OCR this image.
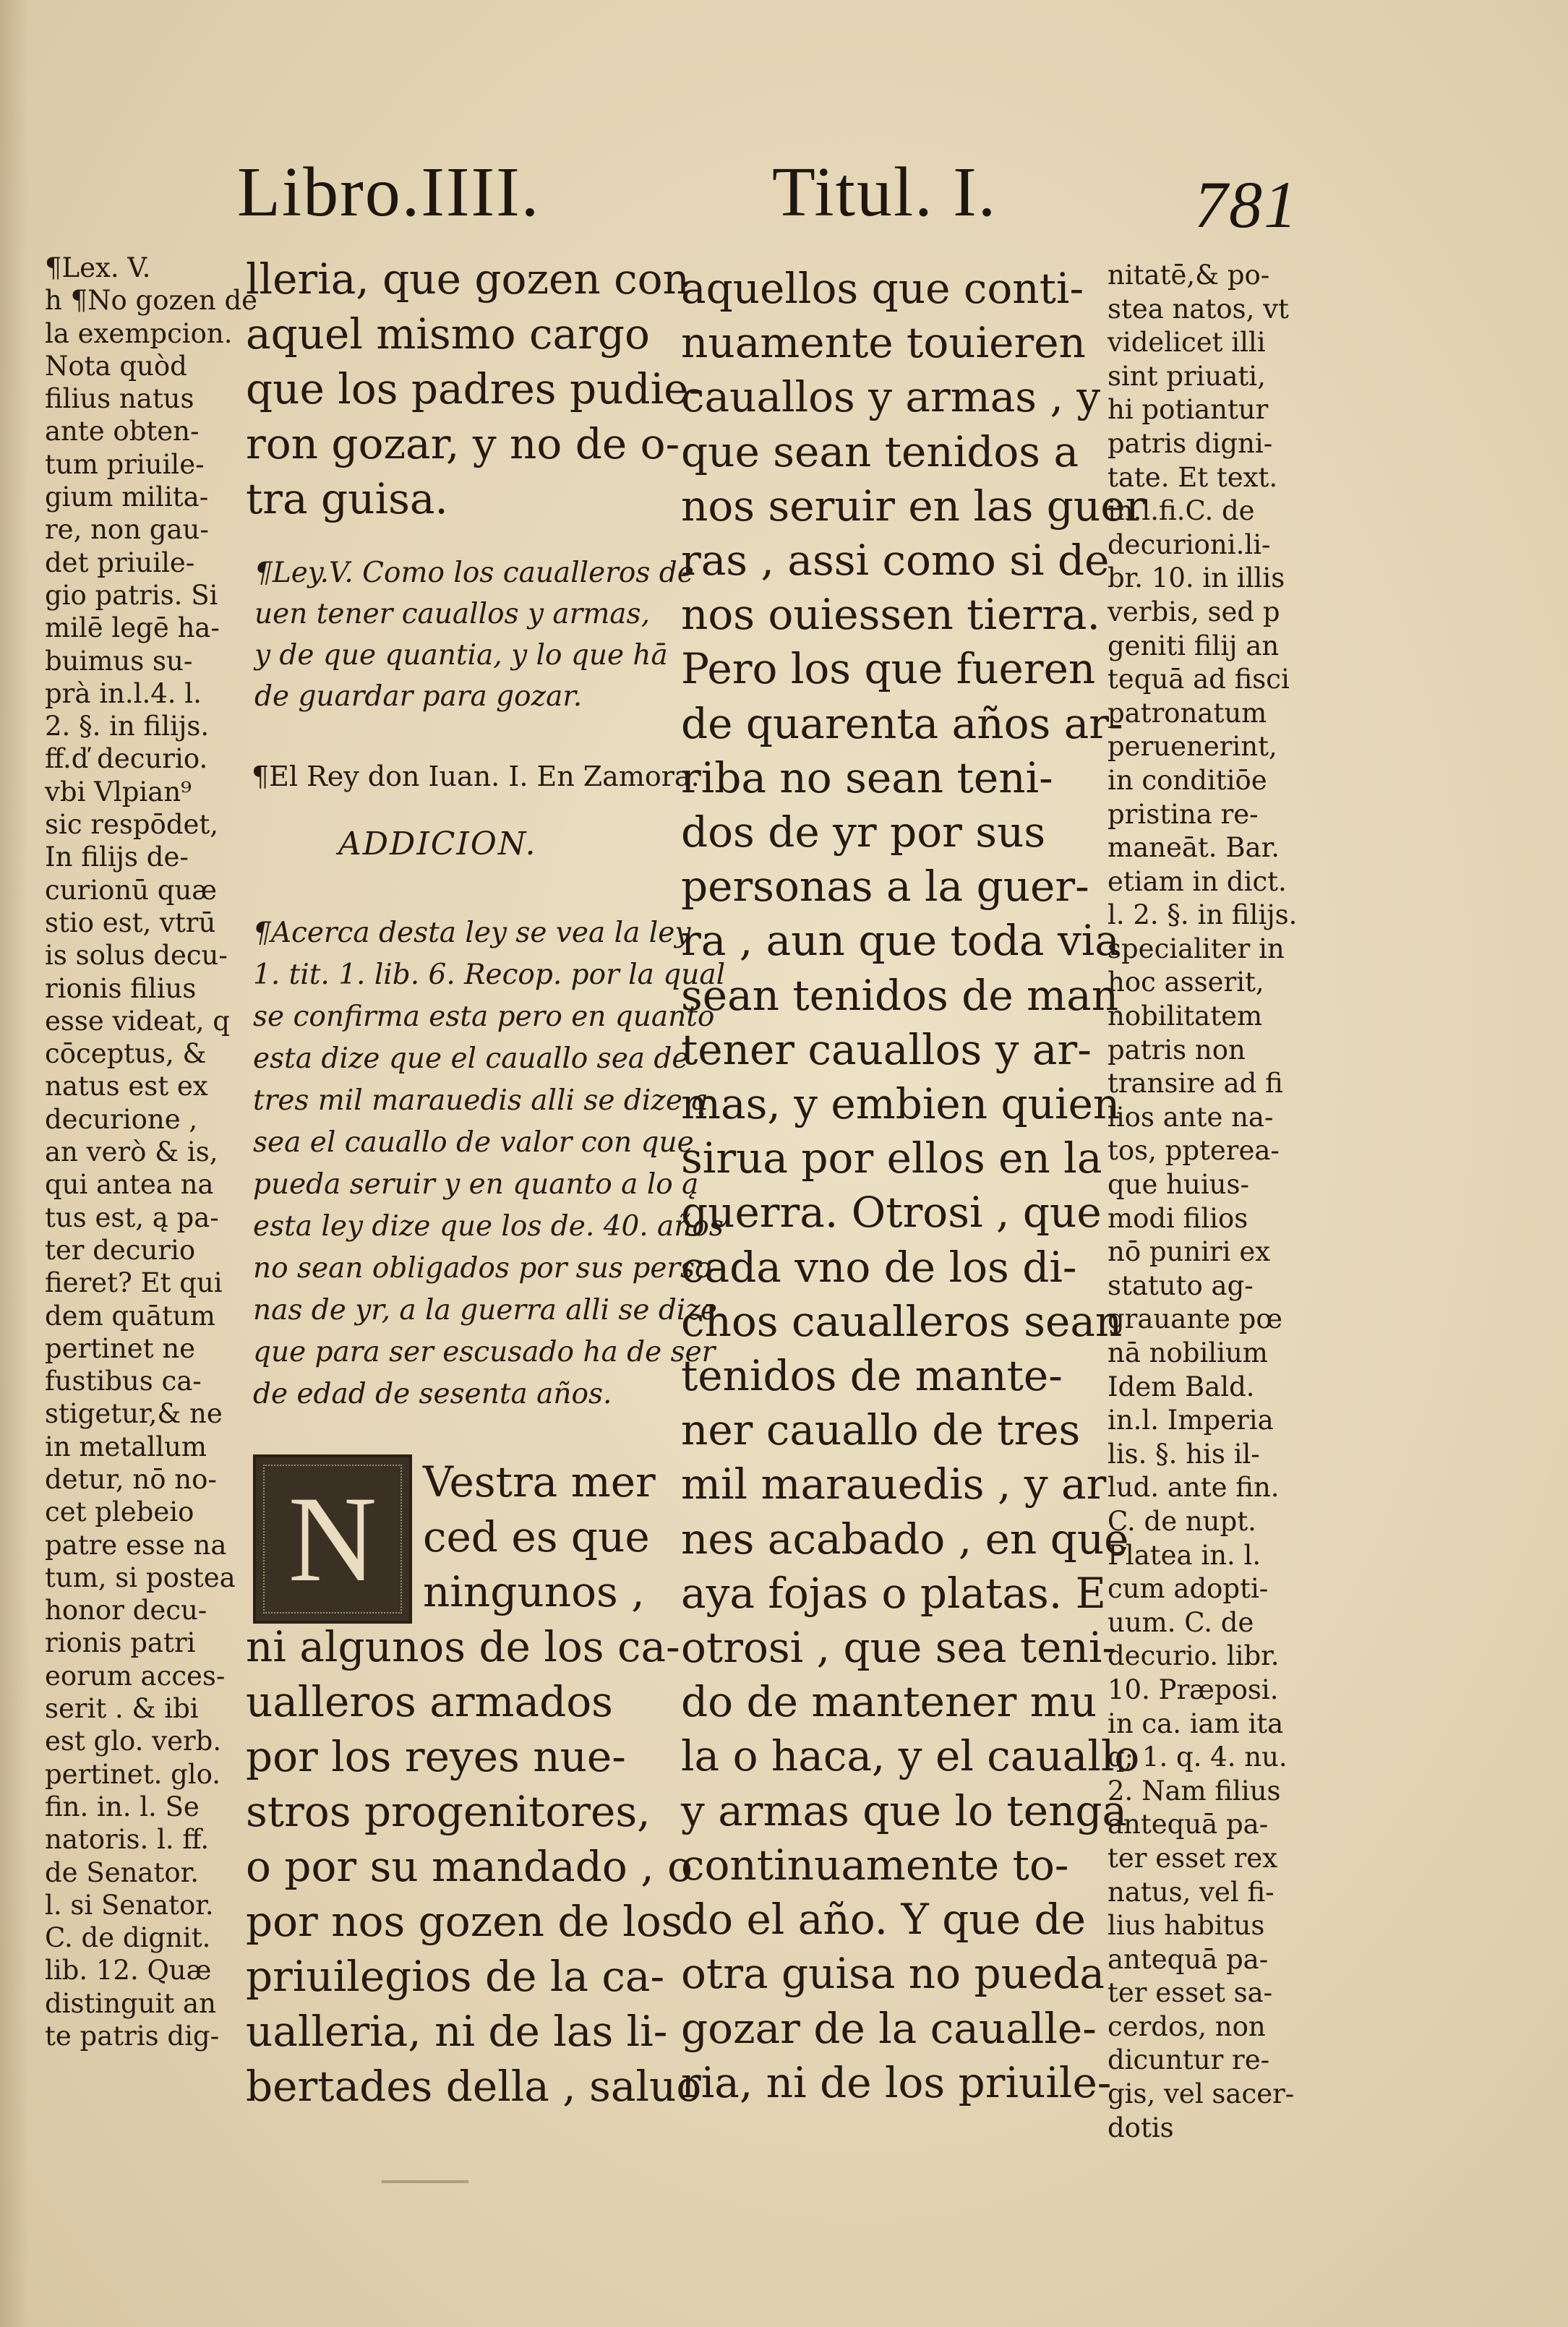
Libro.IIII.	Titul. I.	781
¶Lex. V.
h ¶No gozen de
la exempcion.
Nota quòd
filius natus
ante obten-
tum priuile-
gium milita-
re, non gau-
det priuile-
gio patris. Si
milē legē ha-
buimus su-
prà in.l.4. l.
2. §. in filijs.
ff.ď decurio.
vbi Vlpian⁹
sic respōdet,
In filijs de-
curionū quæ
stio est, vtrū
is solus decu-
rionis filius
esse videat, q
cōceptus, &
natus est ex
decurione ,
an verò & is,
qui antea na
tus est, ą pa-
ter decurio
fieret? Et qui
dem quātum
pertinet ne
fustibus ca-
stigetur,& ne
in metallum
detur, nō no-
cet plebeio
patre esse na
tum, si postea
honor decu-
rionis patri
eorum acces-
serit . & ibi
est glo. verb.
pertinet. glo.
fin. in. l. Se
natoris. l. ff.
de Senator.
l. si Senator.
C. de dignit.
lib. 12. Quæ
distinguit an
te patris dig-
lleria, que gozen con
aquel mismo cargo
que los padres pudie-
ron gozar, y no de o-
tra guisa.
¶Ley.V. Como los caualleros de
uen tener cauallos y armas,
y de que quantia, y lo que hā
de guardar para gozar.
¶El Rey don Iuan. I. En Zamora.
ADDICION.
¶Acerca desta ley se vea la ley
1. tit. 1. lib. 6. Recop. por la qual
se confirma esta pero en quanto
esta dize que el cauallo sea de
tres mil marauedis alli se dize ą
sea el cauallo de valor con que
pueda seruir y en quanto a lo ą
esta ley dize que los de. 40. años
no sean obligados por sus perso-
nas de yr, a la guerra alli se dize
que para ser escusado ha de ser
de edad de sesenta años.
N	Vestra mer
ced es que
ningunos ,
ni algunos de los ca-
ualleros armados
por los reyes nue-
stros progenitores,
o por su mandado , o
por nos gozen de los
priuilegios de la ca-
ualleria, ni de las li-
bertades della , saluo
aquellos que conti-
nuamente touieren
cauallos y armas , y
que sean tenidos a
nos seruir en las guer
ras , assi como si de
nos ouiessen tierra.
Pero los que fueren
de quarenta años ar-
riba no sean teni-
dos de yr por sus
personas a la guer-
ra , aun que toda via
sean tenidos de man
tener cauallos y ar-
mas, y embien quien
sirua por ellos en la
guerra. Otrosi , que
cada vno de los di-
chos caualleros sean
tenidos de mante-
ner cauallo de tres
mil marauedis , y ar
nes acabado , en que
aya fojas o platas. E
otrosi , que sea teni-
do de mantener mu
la o haca, y el cauallo
y armas que lo tenga
continuamente to-
do el año. Y que de
otra guisa no pueda
gozar de la caualle-
ria, ni de los priuile-
nitatē,& po-
stea natos, vt
videlicet illi
sint priuati,
hi potiantur
patris digni-
tate. Et text.
in.l.fi.C. de
decurioni.li-
br. 10. in illis
verbis, sed p
geniti filij an
tequā ad fisci
patronatum
peruenerint,
in conditiōe
pristina re-
maneāt. Bar.
etiam in dict.
l. 2. §. in filijs.
specialiter in
hoc asserit,
nobilitatem
patris non
transire ad fi
lios ante na-
tos, ppterea-
que huius-
modi filios
nō puniri ex
statuto ag-
grauante pœ
nā nobilium
Idem Bald.
in.l. Imperia
lis. §. his il-
lud. ante fin.
C. de nupt.
Platea in. l.
cum adopti-
uum. C. de
decurio. libr.
10. Præposi.
in ca. iam ita
q; 1. q. 4. nu.
2. Nam filius
antequā pa-
ter esset rex
natus, vel fi-
lius habitus
antequā pa-
ter esset sa-
cerdos, non
dicuntur re-
gis, vel sacer-
dotis
